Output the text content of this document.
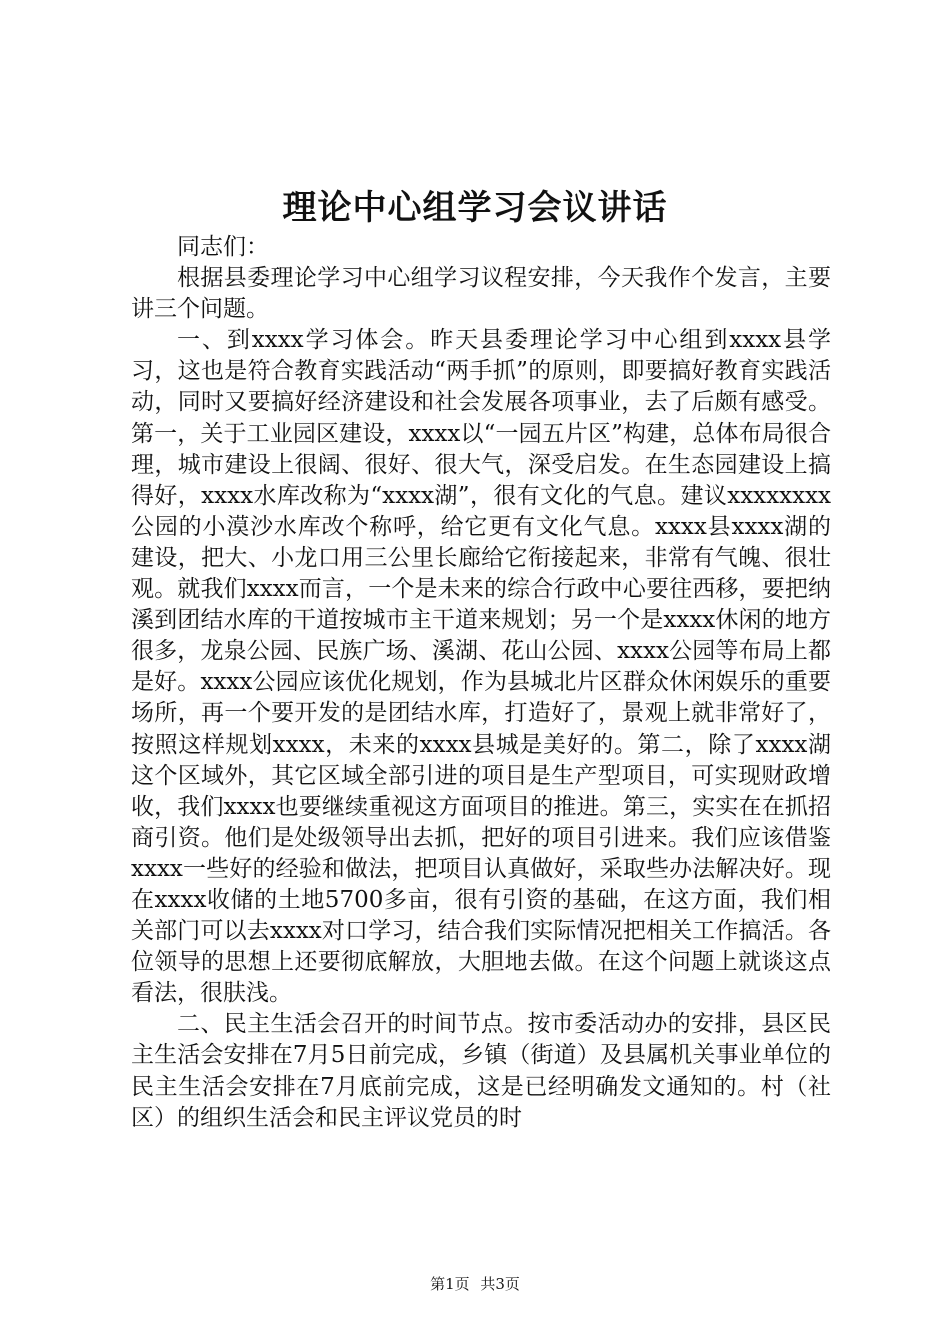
理论中心组学习会议讲话

同志们：

根据县委理论学习中心组学习议程安排，今天我作个发言，主要讲三个问题。

一、到xxxx学习体会。昨天县委理论学习中心组到xxxx县学习，这也是符合教育实践活动“两手抓”的原则，即要搞好教育实践活动，同时又要搞好经济建设和社会发展各项事业，去了后颇有感受。第一，关于工业园区建设，xxxx以“一园五片区”构建，总体布局很合理，城市建设上很阔、很好、很大气，深受启发。在生态园建设上搞得好，xxxx水库改称为“xxxx湖”，很有文化的气息。建议xxxxxxxx公园的小漠沙水库改个称呼，给它更有文化气息。xxxx县xxxx湖的建设，把大、小龙口用三公里长廊给它衔接起来，非常有气魄、很壮观。就我们xxxx而言，一个是未来的综合行政中心要往西移，要把纳溪到团结水库的干道按城市主干道来规划；另一个是xxxx休闲的地方很多，龙泉公园、民族广场、溪湖、花山公园、xxxx公园等布局上都是好。xxxx公园应该优化规划，作为县城北片区群众休闲娱乐的重要场所，再一个要开发的是团结水库，打造好了，景观上就非常好了，按照这样规划xxxx，未来的xxxx县城是美好的。第二，除了xxxx湖这个区域外，其它区域全部引进的项目是生产型项目，可实现财政增收，我们xxxx也要继续重视这方面项目的推进。第三，实实在在抓招商引资。他们是处级领导出去抓，把好的项目引进来。我们应该借鉴xxxx一些好的经验和做法，把项目认真做好，采取些办法解决好。现在xxxx收储的土地5700多亩，很有引资的基础，在这方面，我们相关部门可以去xxxx对口学习，结合我们实际情况把相关工作搞活。各位领导的思想上还要彻底解放，大胆地去做。在这个问题上就谈这点看法，很肤浅。

二、民主生活会召开的时间节点。按市委活动办的安排，县区民主生活会安排在7月5日前完成，乡镇（街道）及县属机关事业单位的民主生活会安排在7月底前完成，这是已经明确发文通知的。村（社区）的组织生活会和民主评议党员的时

第1页 共3页
